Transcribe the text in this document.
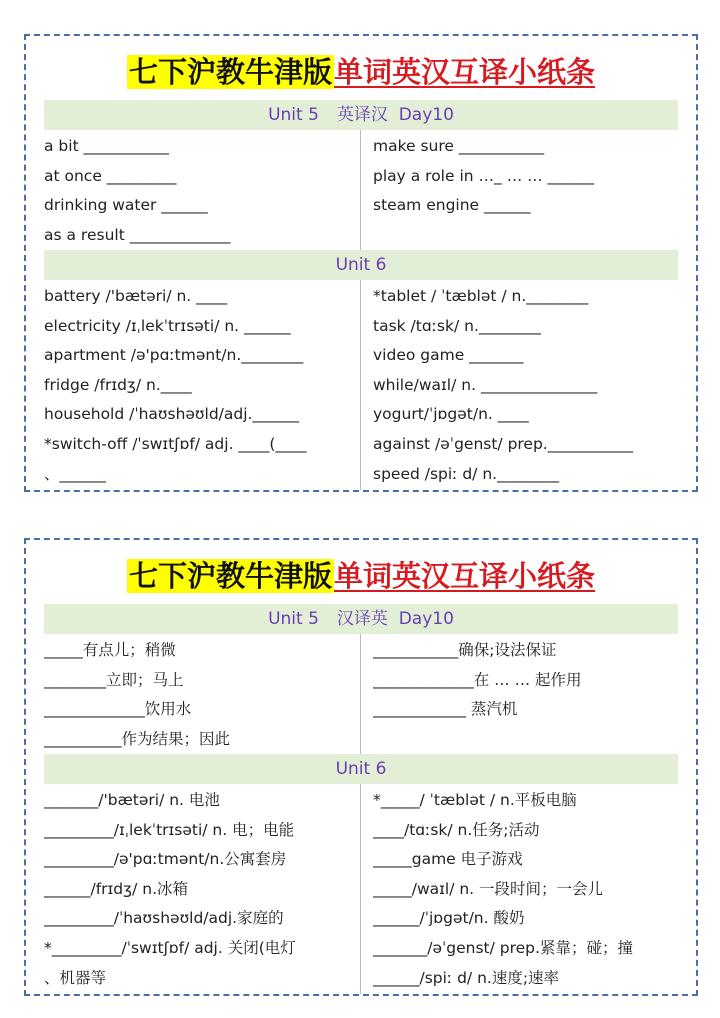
七下沪教牛津版单词英汉互译小纸条
Unit 5 英译汉 Day10
a bit ___________
at once _________
drinking water ______
as a result _____________
make sure ___________
play a role in …_ … … ______
steam engine ______
Unit 6
battery /'bætəri/ n. ____
electricity /ɪˌlekˈtrɪsəti/ n. ______
apartment /ə'pɑːtmənt/n.________
fridge /frɪdʒ/ n.____
household /ˈhaʊshəʊld/adj.______
*switch-off /ˈswɪtʃɒf/ adj. ____(____
、______
*tablet / ˈtæblət / n.________
task /tɑːsk/ n.________
video game _______
while/waɪl/ n. _______________
yogurt/ˈjɒgət/n. ____
against /əˈgenst/ prep.___________
speed /spiː d/ n.________
七下沪教牛津版单词英汉互译小纸条
Unit 5 汉译英 Day10
_____有点儿；稍微
________立即；马上
_____________饮用水
__________作为结果；因此
___________确保;设法保证
_____________在 … … 起作用
____________ 蒸汽机
Unit 6
_______/'bætəri/ n. 电池
_________/ɪˌlekˈtrɪsəti/ n. 电；电能
_________/ə'pɑːtmənt/n.公寓套房
______/frɪdʒ/ n.冰箱
_________/ˈhaʊshəʊld/adj.家庭的
*_________/ˈswɪtʃɒf/ adj. 关闭(电灯
、机器等
*_____/ ˈtæblət / n.平板电脑
____/tɑːsk/ n.任务;活动
_____game 电子游戏
_____/waɪl/ n. 一段时间；一会儿
______/ˈjɒgət/n. 酸奶
_______/əˈgenst/ prep.紧靠；碰；撞
______/spiː d/ n.速度;速率
